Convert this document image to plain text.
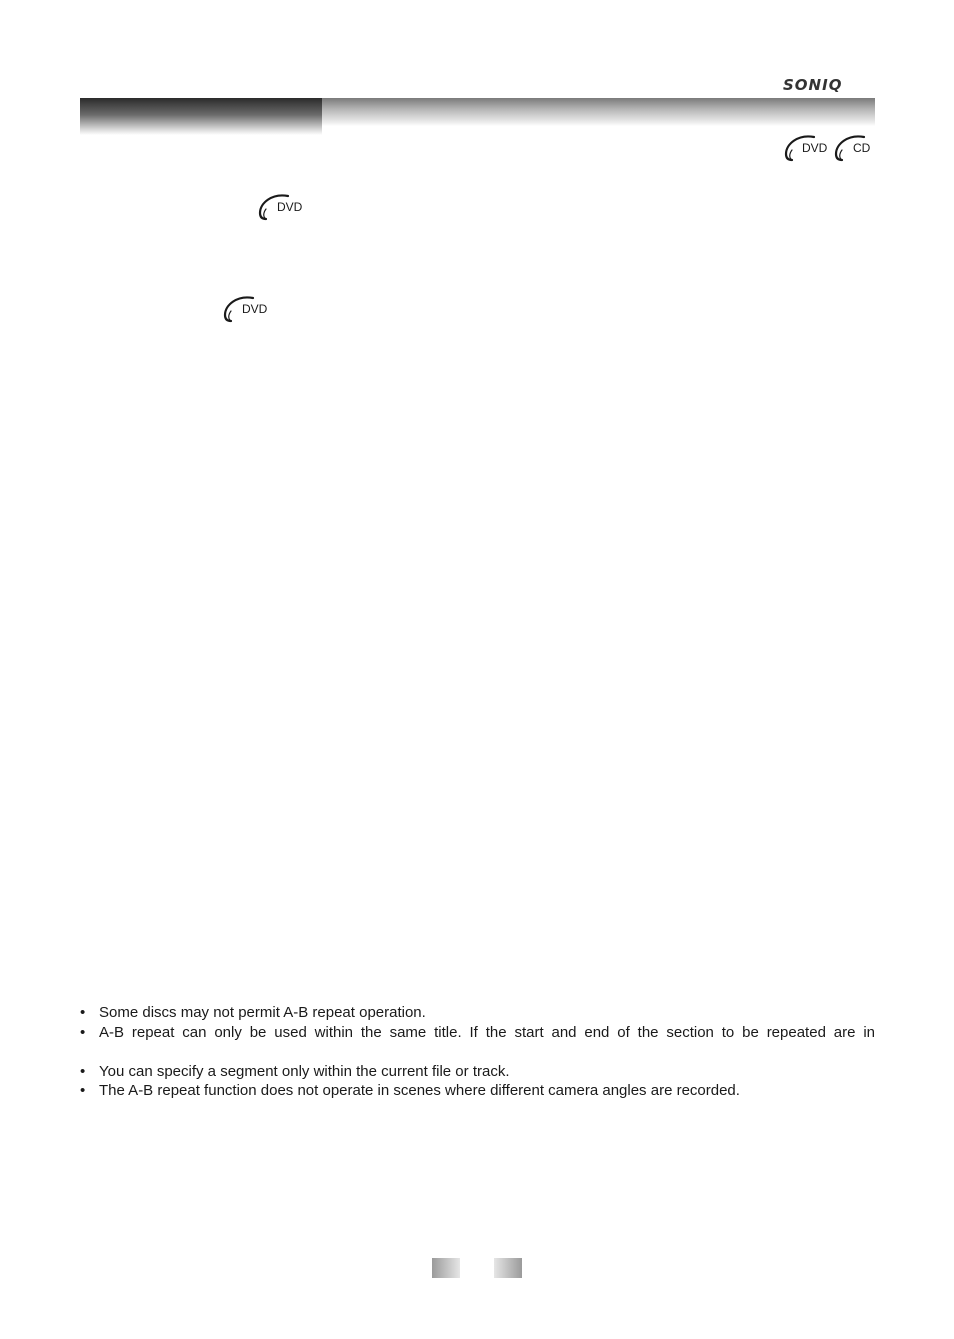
SONIQ
DVD CD
DVD
DVD
• Some discs may not permit A-B repeat operation.
• A-B repeat can only be used within the same title. If the start and end of the section to be repeated are in
• You can specify a segment only within the current file or track.
• The A-B repeat function does not operate in scenes where different camera angles are recorded.
